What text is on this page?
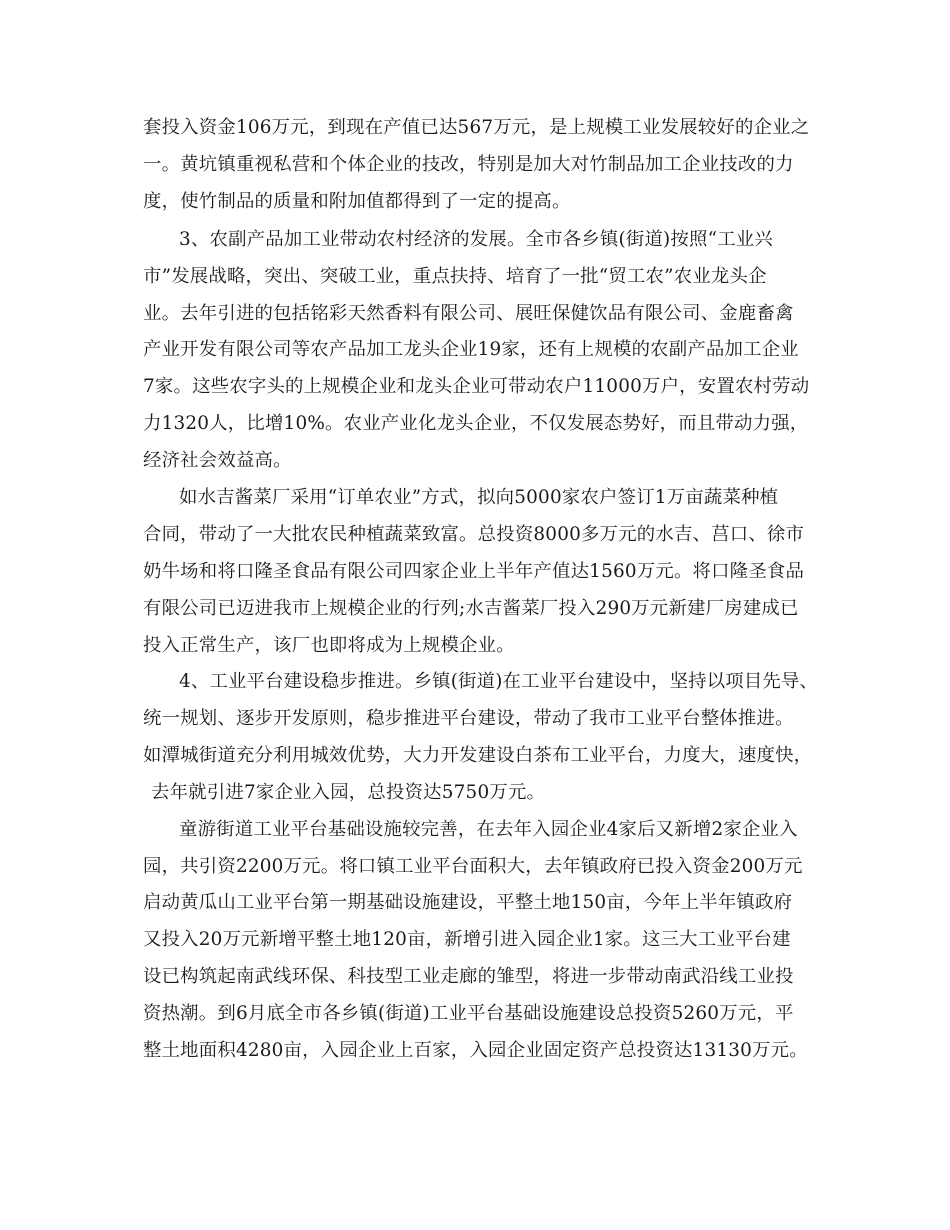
套投入资金106万元，到现在产值已达567万元，是上规模工业发展较好的企业之
一。黄坑镇重视私营和个体企业的技改，特别是加大对竹制品加工企业技改的力
度，使竹制品的质量和附加值都得到了一定的提高。
3、农副产品加工业带动农村经济的发展。全市各乡镇(街道)按照“工业兴
市”发展战略，突出、突破工业，重点扶持、培育了一批“贸工农”农业龙头企
业。去年引进的包括铭彩天然香料有限公司、展旺保健饮品有限公司、金鹿畜禽
产业开发有限公司等农产品加工龙头企业19家，还有上规模的农副产品加工企业
7家。这些农字头的上规模企业和龙头企业可带动农户11000万户，安置农村劳动
力1320人，比增10%。农业产业化龙头企业，不仅发展态势好，而且带动力强，
经济社会效益高。
如水吉酱菜厂采用“订单农业”方式，拟向5000家农户签订1万亩蔬菜种植
合同，带动了一大批农民种植蔬菜致富。总投资8000多万元的水吉、莒口、徐市
奶牛场和将口隆圣食品有限公司四家企业上半年产值达1560万元。将口隆圣食品
有限公司已迈进我市上规模企业的行列;水吉酱菜厂投入290万元新建厂房建成已
投入正常生产，该厂也即将成为上规模企业。
4、工业平台建设稳步推进。乡镇(街道)在工业平台建设中，坚持以项目先导、
统一规划、逐步开发原则，稳步推进平台建设，带动了我市工业平台整体推进。
如潭城街道充分利用城效优势，大力开发建设白茶布工业平台，力度大，速度快，
去年就引进7家企业入园，总投资达5750万元。
童游街道工业平台基础设施较完善，在去年入园企业4家后又新增2家企业入
园，共引资2200万元。将口镇工业平台面积大，去年镇政府已投入资金200万元
启动黄瓜山工业平台第一期基础设施建设，平整土地150亩，今年上半年镇政府
又投入20万元新增平整土地120亩，新增引进入园企业1家。这三大工业平台建
设已构筑起南武线环保、科技型工业走廊的雏型，将进一步带动南武沿线工业投
资热潮。到6月底全市各乡镇(街道)工业平台基础设施建设总投资5260万元，平
整土地面积4280亩，入园企业上百家，入园企业固定资产总投资达13130万元。
